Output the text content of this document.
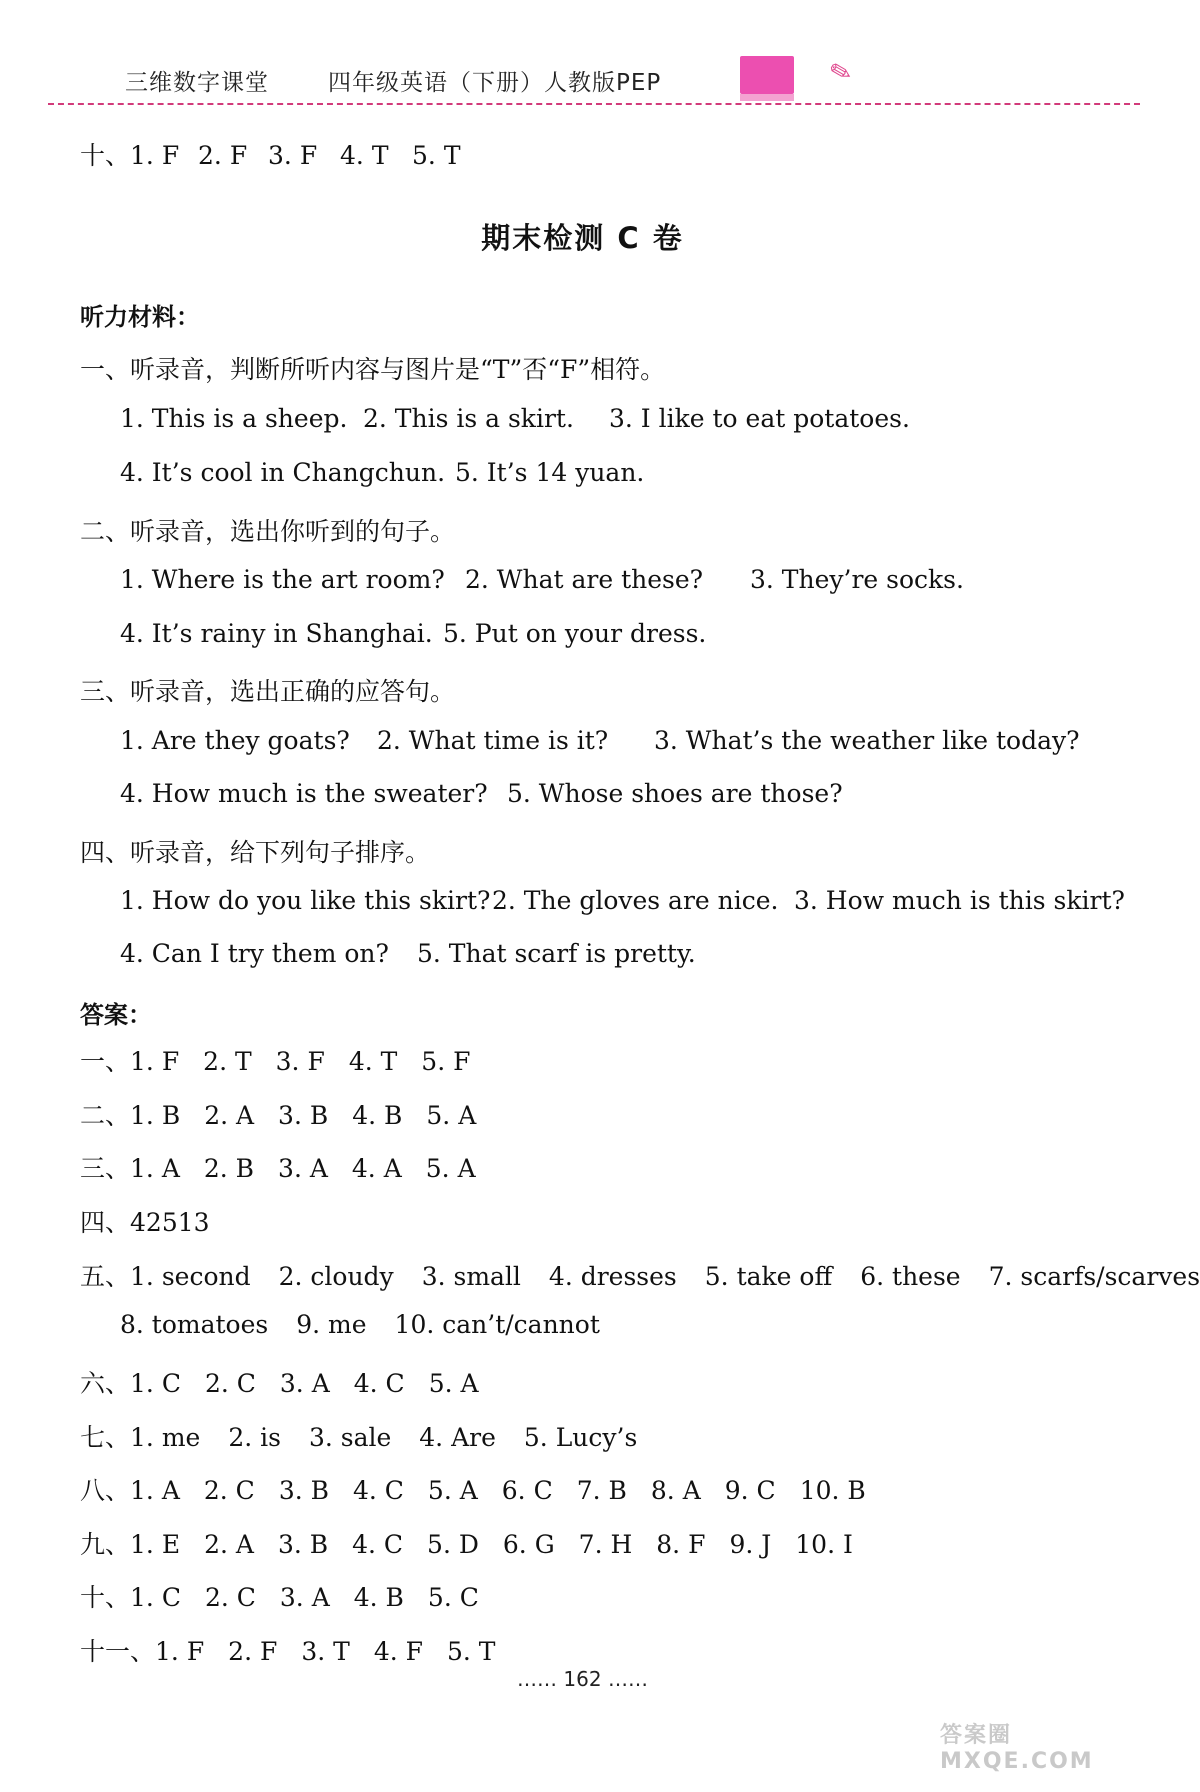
三维数字课堂	四年级英语（下册）人教版PEP	✎
十、1. F 2. F 3. F 4. T 5. T
期末检测 C 卷
听力材料：
一、听录音，判断所听内容与图片是“T”否“F”相符。
1. This is a sheep. 2. This is a skirt. 3. I like to eat potatoes.
4. It’s cool in Changchun. 5. It’s 14 yuan.
二、听录音，选出你听到的句子。
1. Where is the art room? 2. What are these? 3. They’re socks.
4. It’s rainy in Shanghai. 5. Put on your dress.
三、听录音，选出正确的应答句。
1. Are they goats? 2. What time is it? 3. What’s the weather like today?
4. How much is the sweater? 5. Whose shoes are those?
四、听录音，给下列句子排序。
1. How do you like this skirt?2. The gloves are nice. 3. How much is this skirt?
4. Can I try them on? 5. That scarf is pretty.
答案：
一、1. F 2. T 3. F 4. T 5. F
二、1. B 2. A 3. B 4. B 5. A
三、1. A 2. B 3. A 4. A 5. A
四、42513
五、1. second 2. cloudy 3. small 4. dresses 5. take off 6. these 7. scarfs/scarves
8. tomatoes 9. me 10. can’t/cannot
六、1. C 2. C 3. A 4. C 5. A
七、1. me 2. is 3. sale 4. Are 5. Lucy’s
八、1. A 2. C 3. B 4. C 5. A 6. C 7. B 8. A 9. C 10. B
九、1. E 2. A 3. B 4. C 5. D 6. G 7. H 8. F 9. J 10. I
十、1. C 2. C 3. A 4. B 5. C
十一、1. F 2. F 3. T 4. F 5. T
…… 162 ……
答案圈 MXQE.COM
